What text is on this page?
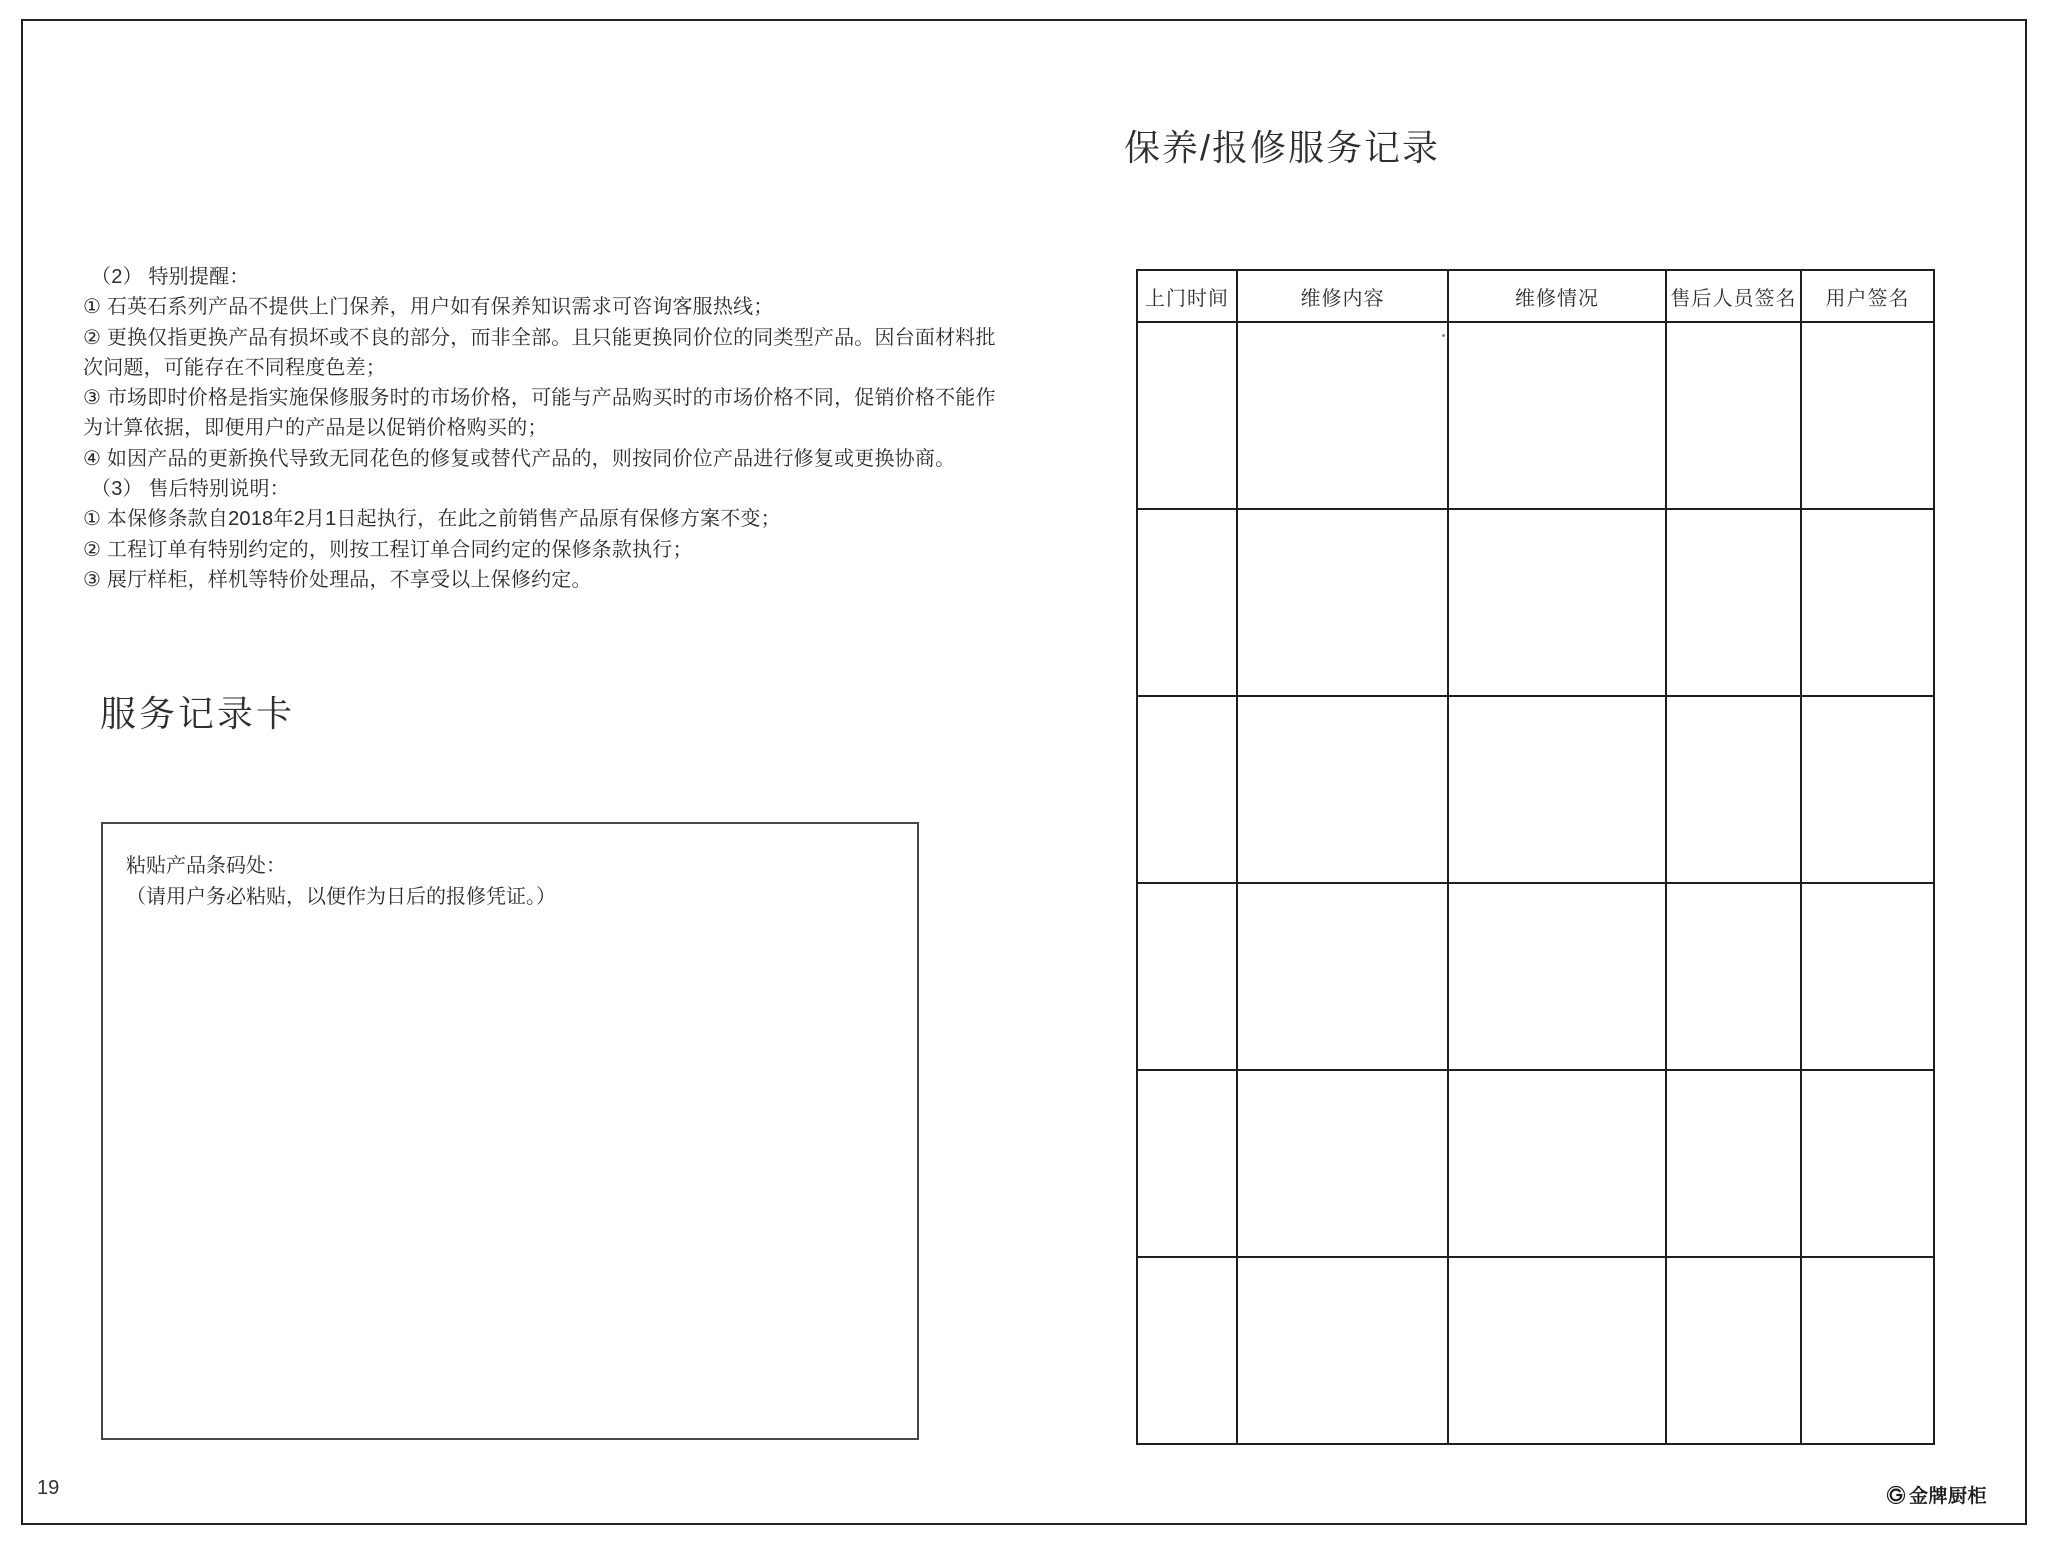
（2） 特别提醒：
① 石英石系列产品不提供上门保养，用户如有保养知识需求可咨询客服热线；
② 更换仅指更换产品有损坏或不良的部分，而非全部。且只能更换同价位的同类型产品。因台面材料批
次问题，可能存在不同程度色差；
③ 市场即时价格是指实施保修服务时的市场价格，可能与产品购买时的市场价格不同，促销价格不能作
为计算依据，即便用户的产品是以促销价格购买的；
④ 如因产品的更新换代导致无同花色的修复或替代产品的，则按同价位产品进行修复或更换协商。
（3） 售后特别说明：
① 本保修条款自2018年2月1日起执行，在此之前销售产品原有保修方案不变；
② 工程订单有特别约定的，则按工程订单合同约定的保修条款执行；
③ 展厅样柜，样机等特价处理品，不享受以上保修约定。
服务记录卡
粘贴产品条码处：
（请用户务必粘贴，以便作为日后的报修凭证。）
保养/报修服务记录
上门时间	维修内容	维修情况	售后人员签名	用户签名

19	金牌厨柜
